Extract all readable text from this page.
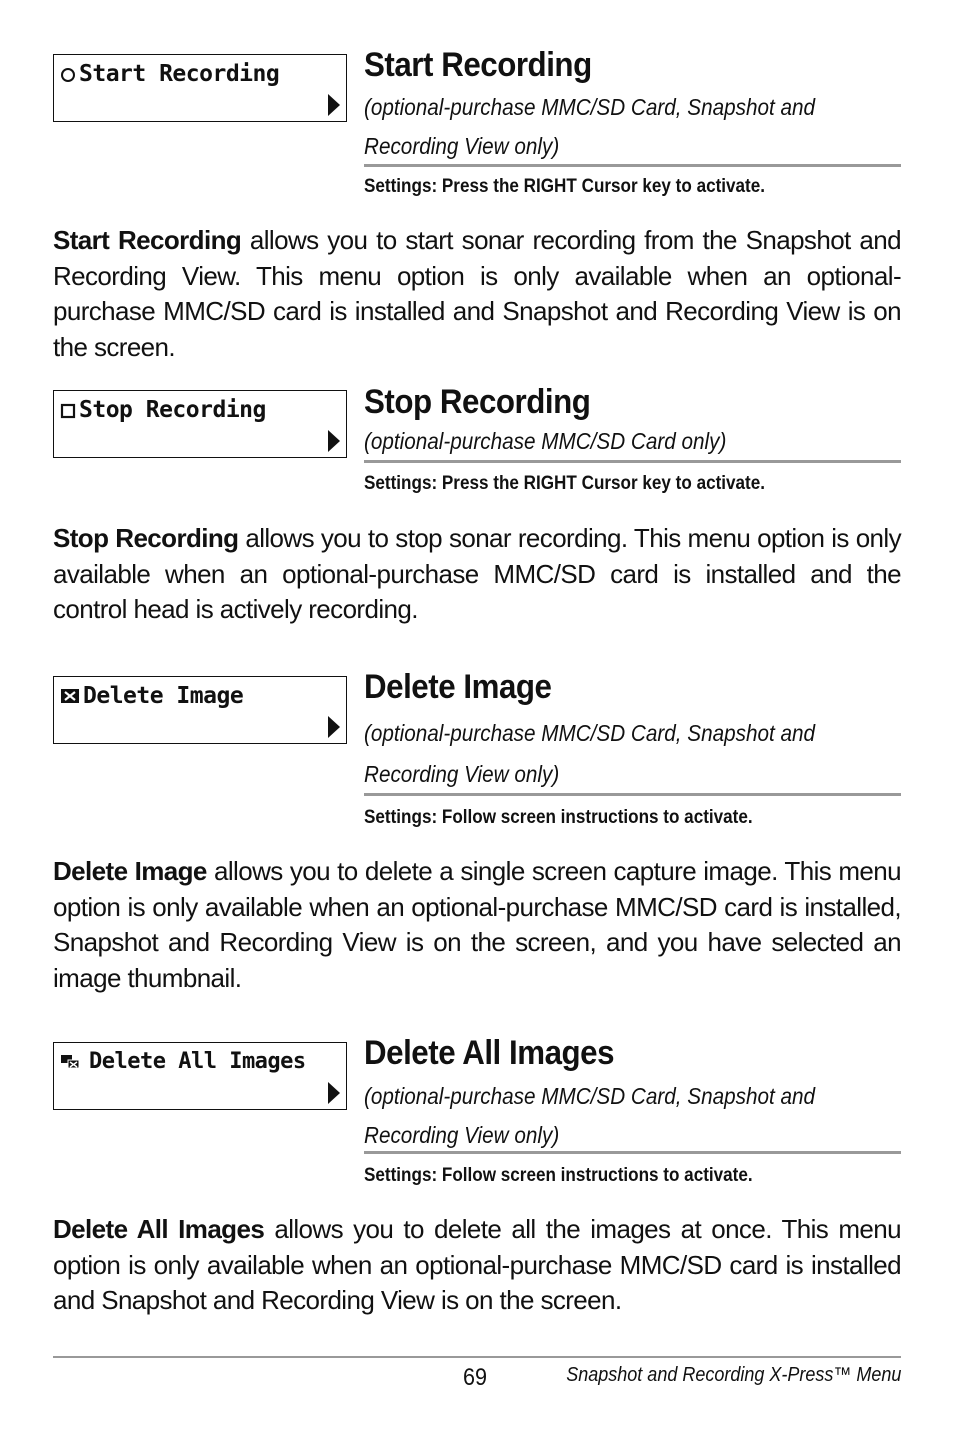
Start Recording Start Recording
(optional-purchase MMC/SD Card, Snapshot and
Recording View only)
Settings: Press the RIGHT Cursor key to activate.
Start Recording allows you to start sonar recording from the Snapshot and Recording View. This menu option is only available when an optional-purchase MMC/SD card is installed and Snapshot and Recording View is on the screen.
Stop Recording	Stop Recording
(optional-purchase MMC/SD Card only)
Settings: Press the RIGHT Cursor key to activate.
Stop Recording allows you to stop sonar recording. This menu option is only available when an optional-purchase MMC/SD card is installed and the control head is actively recording.
Delete Image	Delete Image
(optional-purchase MMC/SD Card, Snapshot and
Recording View only)
Settings: Follow screen instructions to activate.
Delete Image allows you to delete a single screen capture image. This menu option is only available when an optional-purchase MMC/SD card is installed, Snapshot and Recording View is on the screen, and you have selected an image thumbnail.
Delete All Images Delete All Images
(optional-purchase MMC/SD Card, Snapshot and
Recording View only)
Settings: Follow screen instructions to activate.
Delete All Images allows you to delete all the images at once. This menu option is only available when an optional-purchase MMC/SD card is installed and Snapshot and Recording View is on the screen.
69	Snapshot and Recording X-Press™ Menu
